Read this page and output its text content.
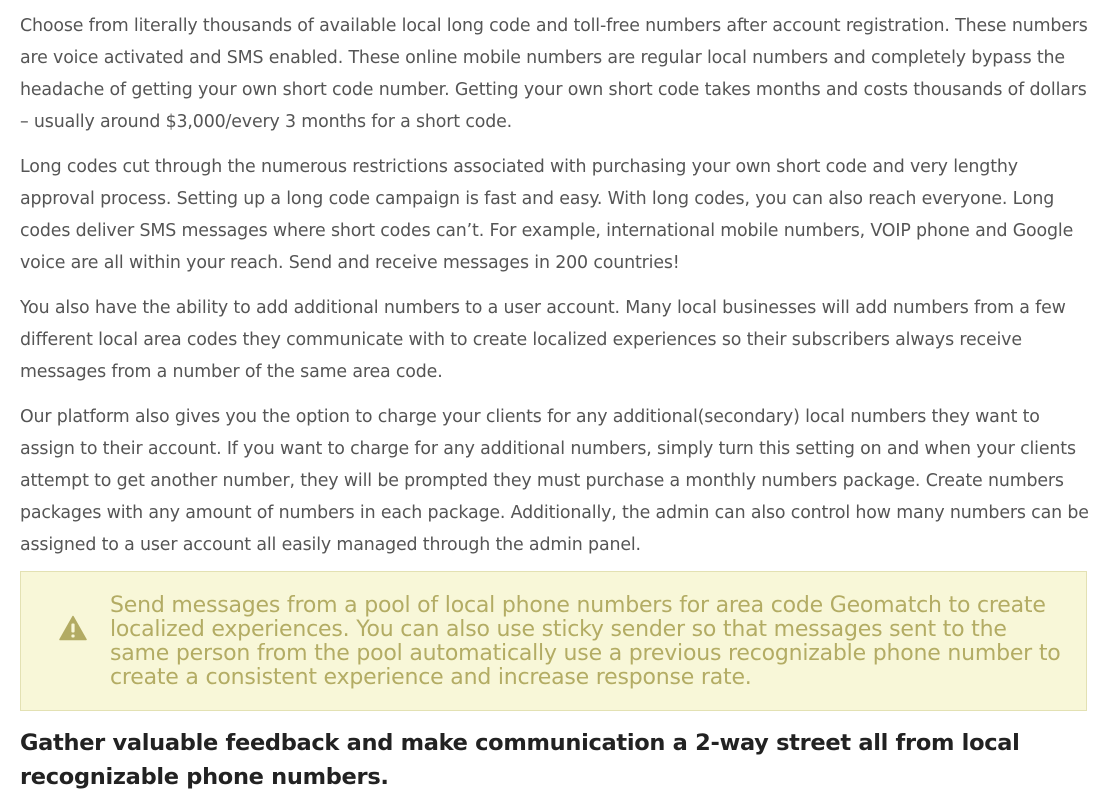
Choose from literally thousands of available local long code and toll-free numbers after account registration. These numbers are voice activated and SMS enabled. These online mobile numbers are regular local numbers and completely bypass the headache of getting your own short code number. Getting your own short code takes months and costs thousands of dollars – usually around $3,000/every 3 months for a short code.

Long codes cut through the numerous restrictions associated with purchasing your own short code and very lengthy approval process. Setting up a long code campaign is fast and easy. With long codes, you can also reach everyone. Long codes deliver SMS messages where short codes can’t. For example, international mobile numbers, VOIP phone and Google voice are all within your reach. Send and receive messages in 200 countries!

You also have the ability to add additional numbers to a user account. Many local businesses will add numbers from a few different local area codes they communicate with to create localized experiences so their subscribers always receive messages from a number of the same area code.

Our platform also gives you the option to charge your clients for any additional(secondary) local numbers they want to assign to their account. If you want to charge for any additional numbers, simply turn this setting on and when your clients attempt to get another number, they will be prompted they must purchase a monthly numbers package. Create numbers packages with any amount of numbers in each package. Additionally, the admin can also control how many numbers can be assigned to a user account all easily managed through the admin panel.

Send messages from a pool of local phone numbers for area code Geomatch to create localized experiences. You can also use sticky sender so that messages sent to the same person from the pool automatically use a previous recognizable phone number to create a consistent experience and increase response rate.

Gather valuable feedback and make communication a 2-way street all from local recognizable phone numbers.
